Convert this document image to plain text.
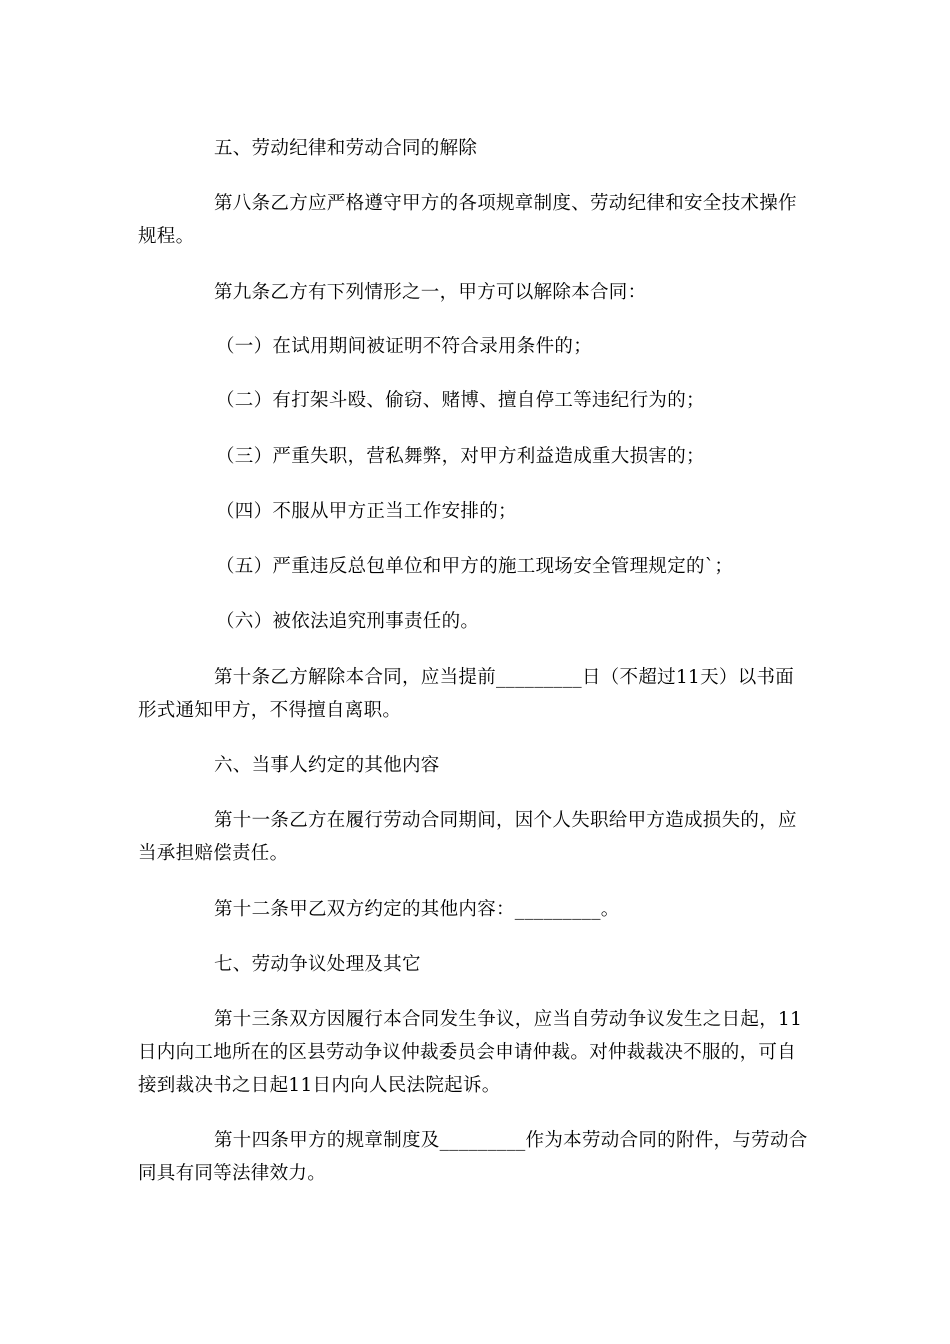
五、劳动纪律和劳动合同的解除
第八条乙方应严格遵守甲方的各项规章制度、劳动纪律和安全技术操作规程。
第九条乙方有下列情形之一，甲方可以解除本合同：
（一）在试用期间被证明不符合录用条件的；
（二）有打架斗殴、偷窃、赌博、擅自停工等违纪行为的；
（三）严重失职，营私舞弊，对甲方利益造成重大损害的；
（四）不服从甲方正当工作安排的；
（五）严重违反总包单位和甲方的施工现场安全管理规定的`；
（六）被依法追究刑事责任的。
第十条乙方解除本合同，应当提前_________日（不超过11天）以书面形式通知甲方，不得擅自离职。
六、当事人约定的其他内容
第十一条乙方在履行劳动合同期间，因个人失职给甲方造成损失的，应当承担赔偿责任。
第十二条甲乙双方约定的其他内容：_________。
七、劳动争议处理及其它
第十三条双方因履行本合同发生争议，应当自劳动争议发生之日起，11日内向工地所在的区县劳动争议仲裁委员会申请仲裁。对仲裁裁决不服的，可自接到裁决书之日起11日内向人民法院起诉。
第十四条甲方的规章制度及_________作为本劳动合同的附件，与劳动合同具有同等法律效力。
